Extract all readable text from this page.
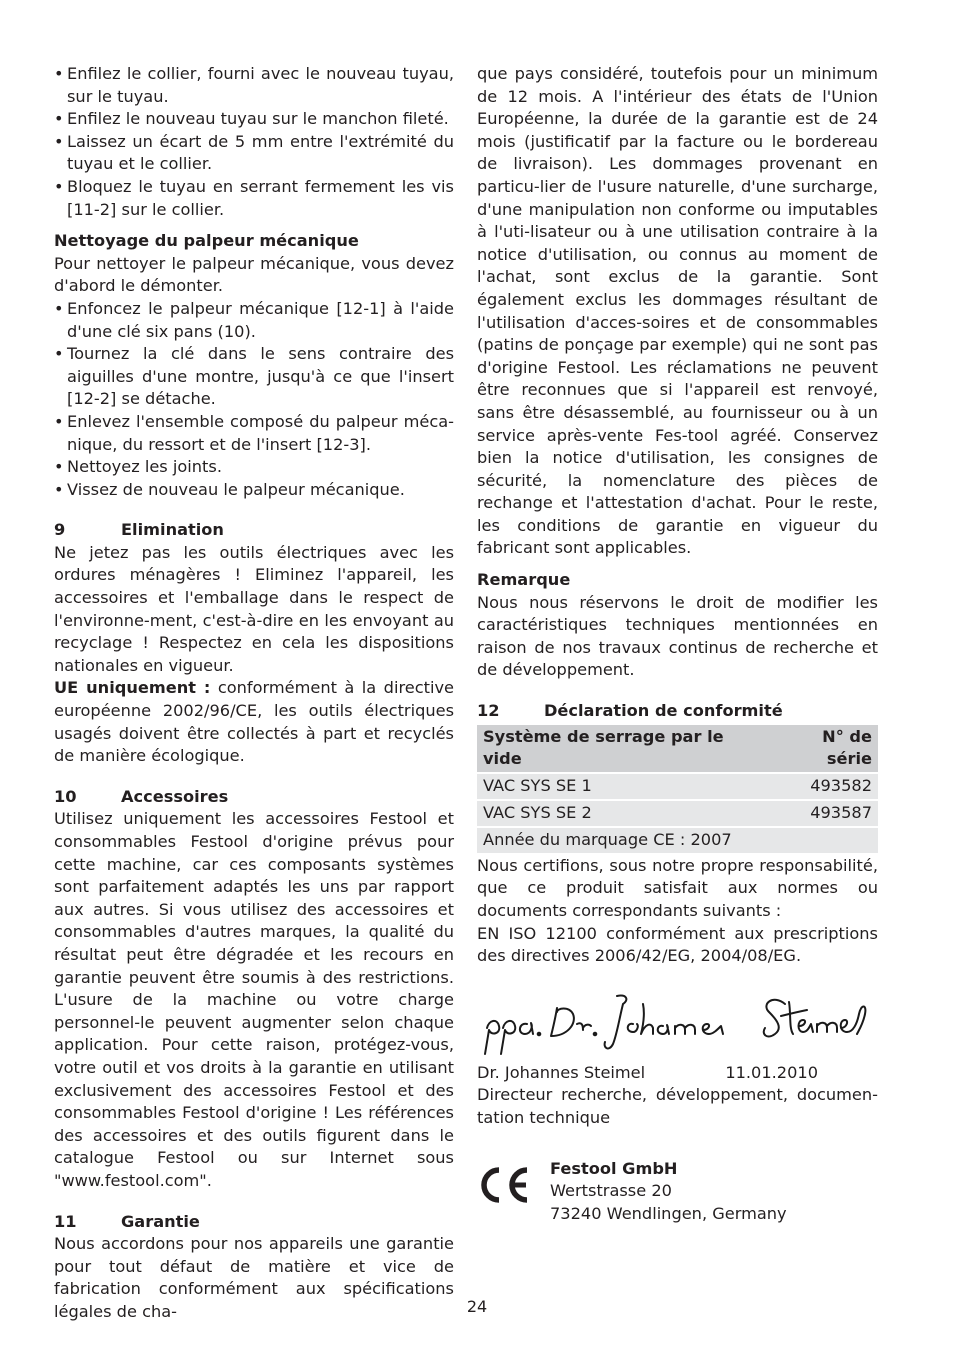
• Enfilez le collier, fourni avec le nouveau tuyau, sur le tuyau.
• Enfilez le nouveau tuyau sur le manchon fileté.
• Laissez un écart de 5 mm entre l'extrémité du tuyau et le collier.
• Bloquez le tuyau en serrant fermement les vis [11-2] sur le collier.

Nettoyage du palpeur mécanique

Pour nettoyer le palpeur mécanique, vous devez d'abord le démonter.

• Enfoncez le palpeur mécanique [12-1] à l'aide d'une clé six pans (10).
• Tournez la clé dans le sens contraire des aiguilles d'une montre, jusqu'à ce que l'insert [12-2] se détache.
• Enlevez l'ensemble composé du palpeur méca-nique, du ressort et de l'insert [12-3].
• Nettoyez les joints.
• Vissez de nouveau le palpeur mécanique.
9	Elimination

Ne jetez pas les outils électriques avec les ordures ménagères ! Eliminez l'appareil, les accessoires et l'emballage dans le respect de l'environne-ment, c'est-à-dire en les envoyant au recyclage ! Respectez en cela les dispositions nationales en vigueur.

UE uniquement : conformément à la directive européenne 2002/96/CE, les outils électriques usagés doivent être collectés à part et recyclés de manière écologique.

10	Accessoires

Utilisez uniquement les accessoires Festool et consommables Festool d'origine prévus pour cette machine, car ces composants systèmes sont parfaitement adaptés les uns par rapport aux autres. Si vous utilisez des accessoires et consommables d'autres marques, la qualité du résultat peut être dégradée et les recours en garantie peuvent être soumis à des restrictions. L'usure de la machine ou votre charge personnel-le peuvent augmenter selon chaque application. Pour cette raison, protégez-vous, votre outil et vos droits à la garantie en utilisant exclusivement des accessoires Festool et des consommables Festool d'origine ! Les références des accessoires et des outils figurent dans le catalogue Festool ou sur Internet sous "www.festool.com".

11	Garantie

Nous accordons pour nos appareils une garantie pour tout défaut de matière et vice de fabrication conformément aux spécifications légales de cha-

que pays considéré, toutefois pour un minimum de 12 mois. A l'intérieur des états de l'Union Européenne, la durée de la garantie est de 24 mois (justificatif par la facture ou le bordereau de livraison). Les dommages provenant en particu-lier de l'usure naturelle, d'une surcharge, d'une manipulation non conforme ou imputables à l'uti-lisateur ou à une utilisation contraire à la notice d'utilisation, ou connus au moment de l'achat, sont exclus de la garantie. Sont également exclus les dommages résultant de l'utilisation d'acces-soires et de consommables (patins de ponçage par exemple) qui ne sont pas d'origine Festool. Les réclamations ne peuvent être reconnues que si l'appareil est renvoyé, sans être désassemblé, au fournisseur ou à un service après-vente Fes-tool agréé. Conservez bien la notice d'utilisation, les consignes de sécurité, la nomenclature des pièces de rechange et l'attestation d'achat. Pour le reste, les conditions de garantie en vigueur du fabricant sont applicables.

Remarque

Nous nous réservons le droit de modifier les caractéristiques techniques mentionnées en raison de nos travaux continus de recherche et de développement.

12	Déclaration de conformité
Système de serrage par le vide	N° de série
VAC SYS SE 1	493582
VAC SYS SE 2	493587
Année du marquage CE : 2007	

Nous certifions, sous notre propre responsabilité, que ce produit satisfait aux normes ou documents correspondants suivants :

EN ISO 12100 conformément aux prescriptions des directives 2006/42/EG, 2004/08/EG.

Dr. Johannes Steimel	11.01.2010

Directeur recherche, développement, documen-tation technique

Festool GmbH

Wertstrasse 20

73240 Wendlingen, Germany

24
